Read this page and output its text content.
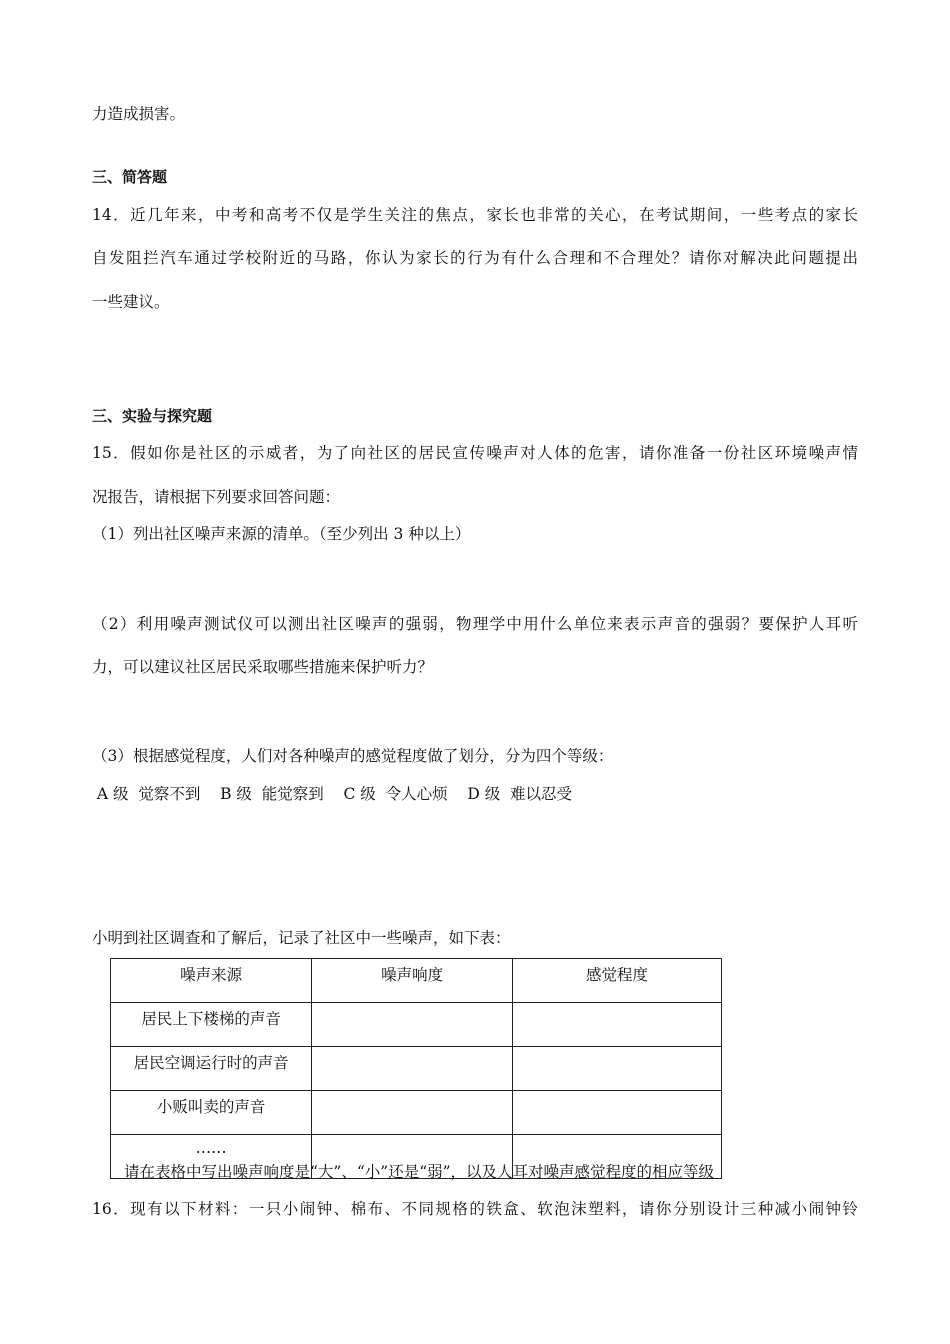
力造成损害。
三、简答题
14．近几年来，中考和高考不仅是学生关注的焦点，家长也非常的关心，在考试期间，一些考点的家长
自发阻拦汽车通过学校附近的马路，你认为家长的行为有什么合理和不合理处？请你对解决此问题提出
一些建议。
三、实验与探究题
15．假如你是社区的示威者，为了向社区的居民宣传噪声对人体的危害，请你准备一份社区环境噪声情
况报告，请根据下列要求回答问题：
（1）列出社区噪声来源的清单。（至少列出 3 种以上）
（2）利用噪声测试仪可以测出社区噪声的强弱，物理学中用什么单位来表示声音的强弱？要保护人耳听
力，可以建议社区居民采取哪些措施来保护听力？
（3）根据感觉程度，人们对各种噪声的感觉程度做了划分，分为四个等级：
A 级  觉察不到    B 级  能觉察到    C 级  令人心烦    D 级  难以忍受
小明到社区调查和了解后，记录了社区中一些噪声，如下表：
噪声来源	噪声响度	感觉程度
居民上下楼梯的声音		
居民空调运行时的声音		
小贩叫卖的声音		
……		
请在表格中写出噪声响度是“大”、“小”还是“弱”，以及人耳对噪声感觉程度的相应等级
16．现有以下材料：一只小闹钟、棉布、不同规格的铁盒、软泡沫塑料，请你分别设计三种减小闹钟铃
